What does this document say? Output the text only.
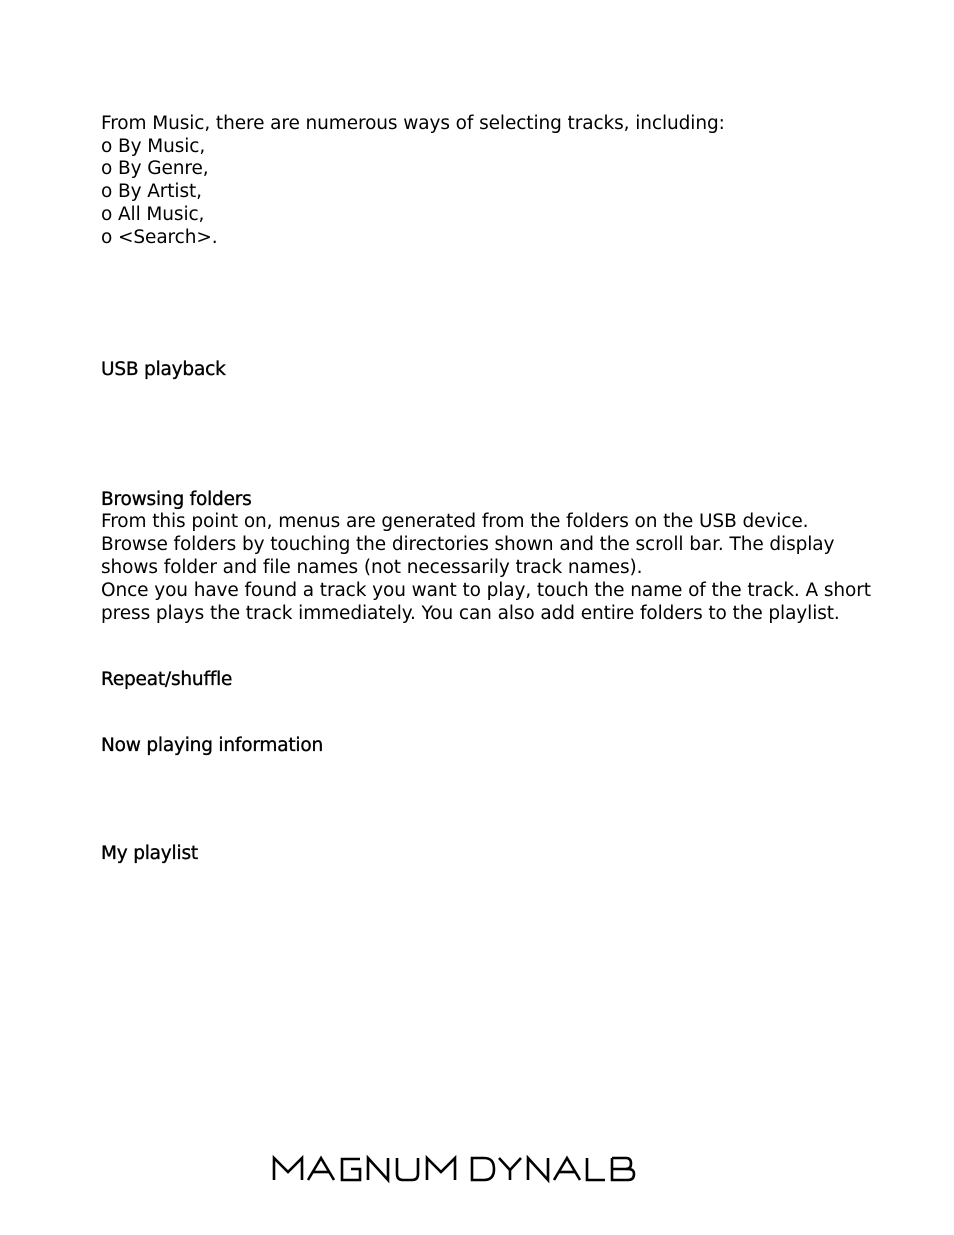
From Music, there are numerous ways of selecting tracks, including:
o By Music,
o By Genre,
o By Artist,
o All Music,
o <Search>.
USB playback
Browsing folders
From this point on, menus are generated from the folders on the USB device.
Browse folders by touching the directories shown and the scroll bar. The display
shows folder and file names (not necessarily track names).
Once you have found a track you want to play, touch the name of the track. A short
press plays the track immediately. You can also add entire folders to the playlist.
Repeat/shuffle
Now playing information
My playlist
